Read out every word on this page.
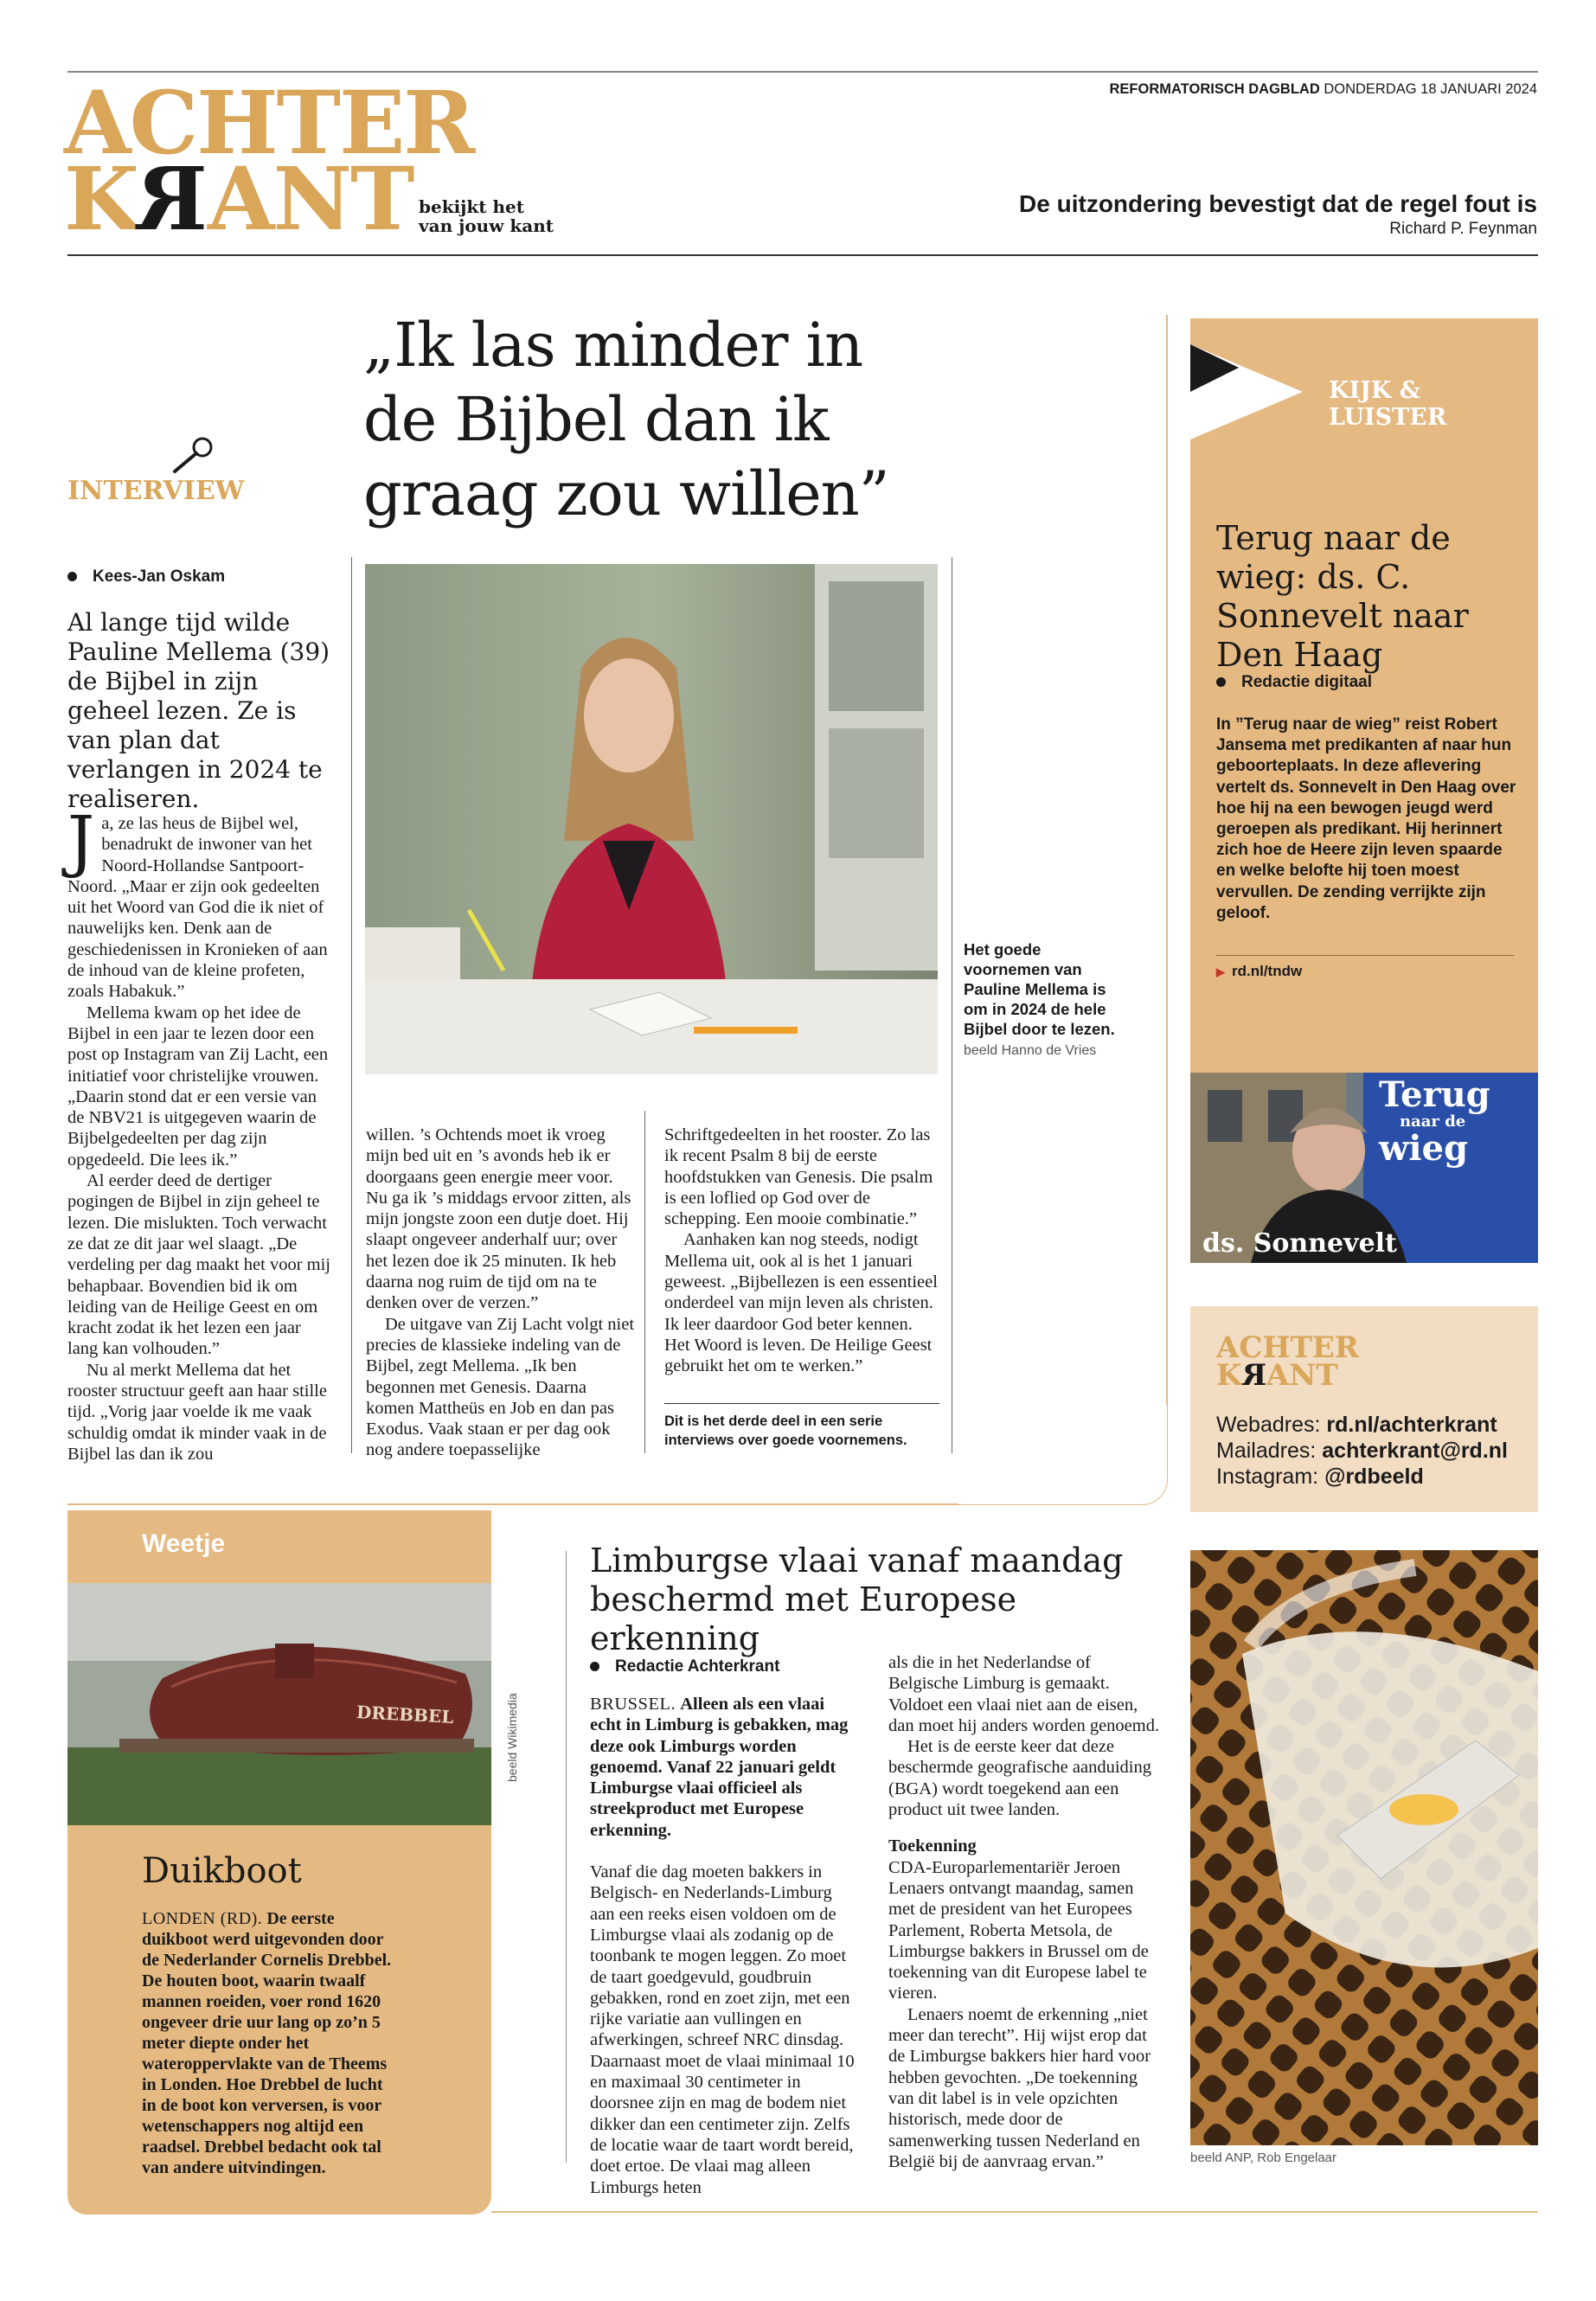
ACHTER
KRANT bekijkt het
van jouw kant
REFORMATORISCH DAGBLAD DONDERDAG 18 JANUARI 2024
De uitzondering bevestigt dat de regel fout is
Richard P. Feynman
INTERVIEW
„Ik las minder in de Bijbel dan ik graag zou willen”
Kees-Jan Oskam
Al lange tijd wilde Pauline Mellema (39) de Bijbel in zijn geheel lezen. Ze is van plan dat verlangen in 2024 te realiseren.
J a, ze las heus de Bijbel wel, benadrukt de inwoner van het Noord-Hollandse Santpoort-Noord. „Maar er zijn ook gedeelten uit het Woord van God die ik niet of nauwelijks ken. Denk aan de geschiedenissen in Kronieken of aan de inhoud van de kleine profeten, zoals Habakuk.”

Mellema kwam op het idee de Bijbel in een jaar te lezen door een post op Instagram van Zij Lacht, een initiatief voor christelijke vrouwen. „Daarin stond dat er een versie van de NBV21 is uitgegeven waarin de Bijbelgedeelten per dag zijn opgedeeld. Die lees ik.”

Al eerder deed de dertiger pogingen de Bijbel in zijn geheel te lezen. Die mislukten. Toch verwacht ze dat ze dit jaar wel slaagt. „De verdeling per dag maakt het voor mij behapbaar. Bovendien bid ik om leiding van de Heilige Geest en om kracht zodat ik het lezen een jaar lang kan volhouden.”

Nu al merkt Mellema dat het rooster structuur geeft aan haar stille tijd. „Vorig jaar voelde ik me vaak schuldig omdat ik minder vaak in de Bijbel las dan ik zou

Het goede voornemen van Pauline Mellema is om in 2024 de hele Bijbel door te lezen. beeld Hanno de Vries

willen. ’s Ochtends moet ik vroeg mijn bed uit en ’s avonds heb ik er doorgaans geen energie meer voor. Nu ga ik ’s middags ervoor zitten, als mijn jongste zoon een dutje doet. Hij slaapt ongeveer anderhalf uur; over het lezen doe ik 25 minuten. Ik heb daarna nog ruim de tijd om na te denken over de verzen.”

De uitgave van Zij Lacht volgt niet precies de klassieke indeling van de Bijbel, zegt Mellema. „Ik ben begonnen met Genesis. Daarna komen Mattheüs en Job en dan pas Exodus. Vaak staan er per dag ook nog andere toepasselijke

Schriftgedeelten in het rooster. Zo las ik recent Psalm 8 bij de eerste hoofdstukken van Genesis. Die psalm is een loflied op God over de schepping. Een mooie combinatie.”

Aanhaken kan nog steeds, nodigt Mellema uit, ook al is het 1 januari geweest. „Bijbellezen is een essentieel onderdeel van mijn leven als christen. Ik leer daardoor God beter kennen. Het Woord is leven. De Heilige Geest gebruikt het om te werken.”

Dit is het derde deel in een serie interviews over goede voornemens.
KIJK &
LUISTER
Terug naar de wieg: ds. C. Sonnevelt naar Den Haag
Redactie digitaal
In ”Terug naar de wieg” reist Robert Jansema met predikanten af naar hun geboorteplaats. In deze aflevering vertelt ds. Sonnevelt in Den Haag over hoe hij na een bewogen jeugd werd geroepen als predikant. Hij herinnert zich hoe de Heere zijn leven spaarde en welke belofte hij toen moest vervullen. De zending verrijkte zijn geloof.
▶ rd.nl/tndw
Terug
naar de
wieg
ds. Sonnevelt
ACHTER
KRANT
Webadres: rd.nl/achterkrant
Mailadres: achterkrant@rd.nl
Instagram: @rdbeeld
Weetje
DREBBEL	beeld Wikimedia
Duikboot
LONDEN (RD). De eerste duikboot werd uitgevonden door de Nederlander Cornelis Drebbel. De houten boot, waarin twaalf mannen roeiden, voer rond 1620 ongeveer drie uur lang op zo’n 5 meter diepte onder het wateroppervlakte van de Theems in Londen. Hoe Drebbel de lucht in de boot kon verversen, is voor wetenschappers nog altijd een raadsel. Drebbel bedacht ook tal van andere uitvindingen.
Limburgse vlaai vanaf maandag beschermd met Europese erkenning
Redactie Achterkrant

BRUSSEL. Alleen als een vlaai echt in Limburg is gebakken, mag deze ook Limburgs worden genoemd. Vanaf 22 januari geldt Limburgse vlaai officieel als streekproduct met Europese erkenning.

Vanaf die dag moeten bakkers in Belgisch- en Nederlands-Limburg aan een reeks eisen voldoen om de Limburgse vlaai als zodanig op de toonbank te mogen leggen. Zo moet de taart goedgevuld, goudbruin gebakken, rond en zoet zijn, met een rijke variatie aan vullingen en afwerkingen, schreef NRC dinsdag. Daarnaast moet de vlaai minimaal 10 en maximaal 30 centimeter in doorsnee zijn en mag de bodem niet dikker dan een centimeter zijn. Zelfs de locatie waar de taart wordt bereid, doet ertoe. De vlaai mag alleen Limburgs heten

als die in het Nederlandse of Belgische Limburg is gemaakt. Voldoet een vlaai niet aan de eisen, dan moet hij anders worden genoemd.

Het is de eerste keer dat deze beschermde geografische aanduiding (BGA) wordt toegekend aan een product uit twee landen.

Toekenning

CDA-Europarlementariër Jeroen Lenaers ontvangt maandag, samen met de president van het Europees Parlement, Roberta Metsola, de Limburgse bakkers in Brussel om de toekenning van dit Europese label te vieren.

Lenaers noemt de erkenning „niet meer dan terecht”. Hij wijst erop dat de Limburgse bakkers hier hard voor hebben gevochten. „De toekenning van dit label is in vele opzichten historisch, mede door de samenwerking tussen Nederland en België bij de aanvraag ervan.”	beeld ANP, Rob Engelaar
